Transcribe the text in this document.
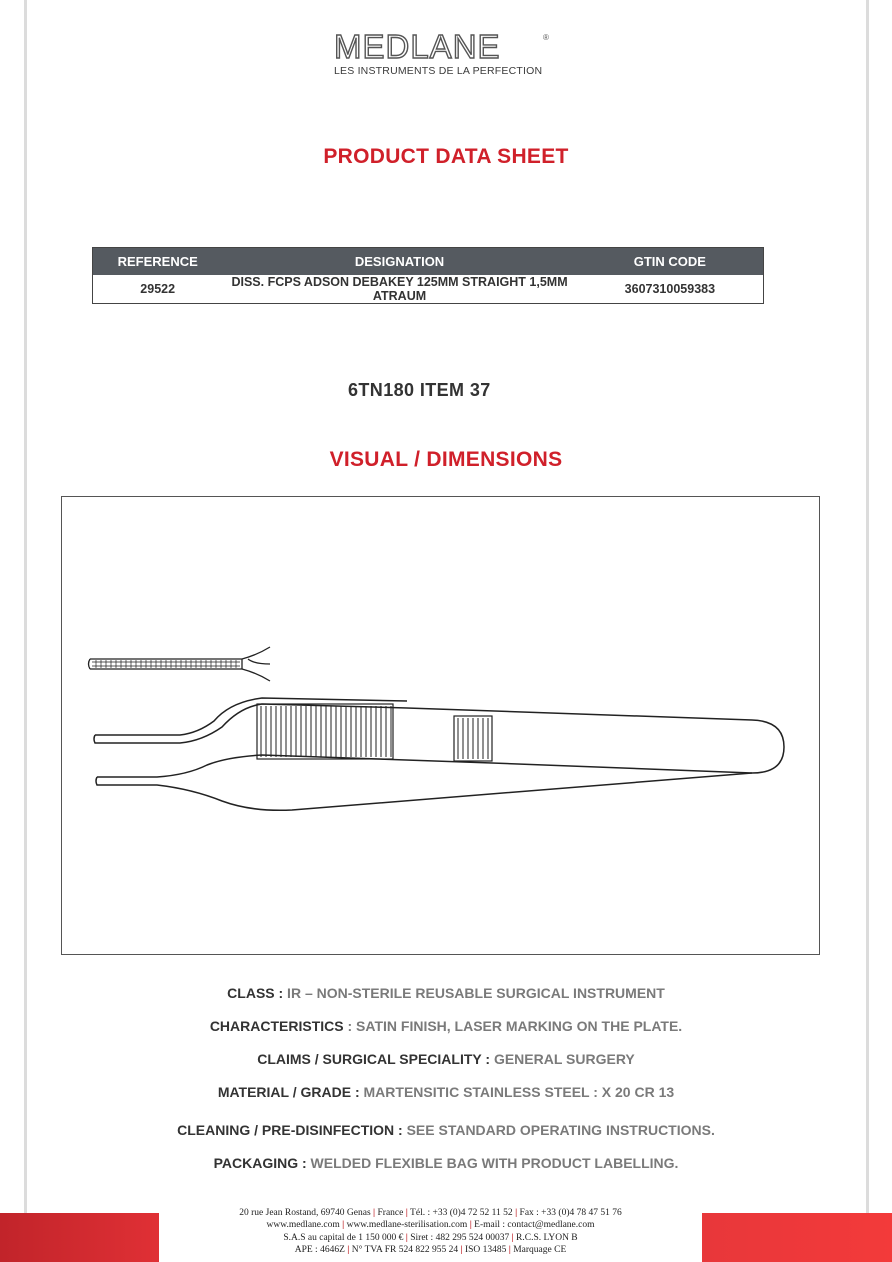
MEDLANE	®
LES INSTRUMENTS DE LA PERFECTION
PRODUCT DATA SHEET
REFERENCE	DESIGNATION	GTIN CODE
29522	DISS. FCPS ADSON DEBAKEY 125MM STRAIGHT 1,5MM ATRAUM	3607310059383
6TN180 ITEM 37
VISUAL / DIMENSIONS
CLASS : IR – NON-STERILE REUSABLE SURGICAL INSTRUMENT
CHARACTERISTICS : SATIN FINISH, LASER MARKING ON THE PLATE.
CLAIMS / SURGICAL SPECIALITY : GENERAL SURGERY
MATERIAL / GRADE : MARTENSITIC STAINLESS STEEL : X 20 CR 13
CLEANING / PRE-DISINFECTION : SEE STANDARD OPERATING INSTRUCTIONS.
PACKAGING : WELDED FLEXIBLE BAG WITH PRODUCT LABELLING.
20 rue Jean Rostand, 69740 Genas | France | Tél. : +33 (0)4 72 52 11 52 | Fax : +33 (0)4 78 47 51 76
www.medlane.com | www.medlane-sterilisation.com | E-mail : contact@medlane.com
S.A.S au capital de 1 150 000 € | Siret : 482 295 524 00037 | R.C.S. LYON B
APE : 4646Z | N° TVA FR 524 822 955 24 | ISO 13485 | Marquage CE
